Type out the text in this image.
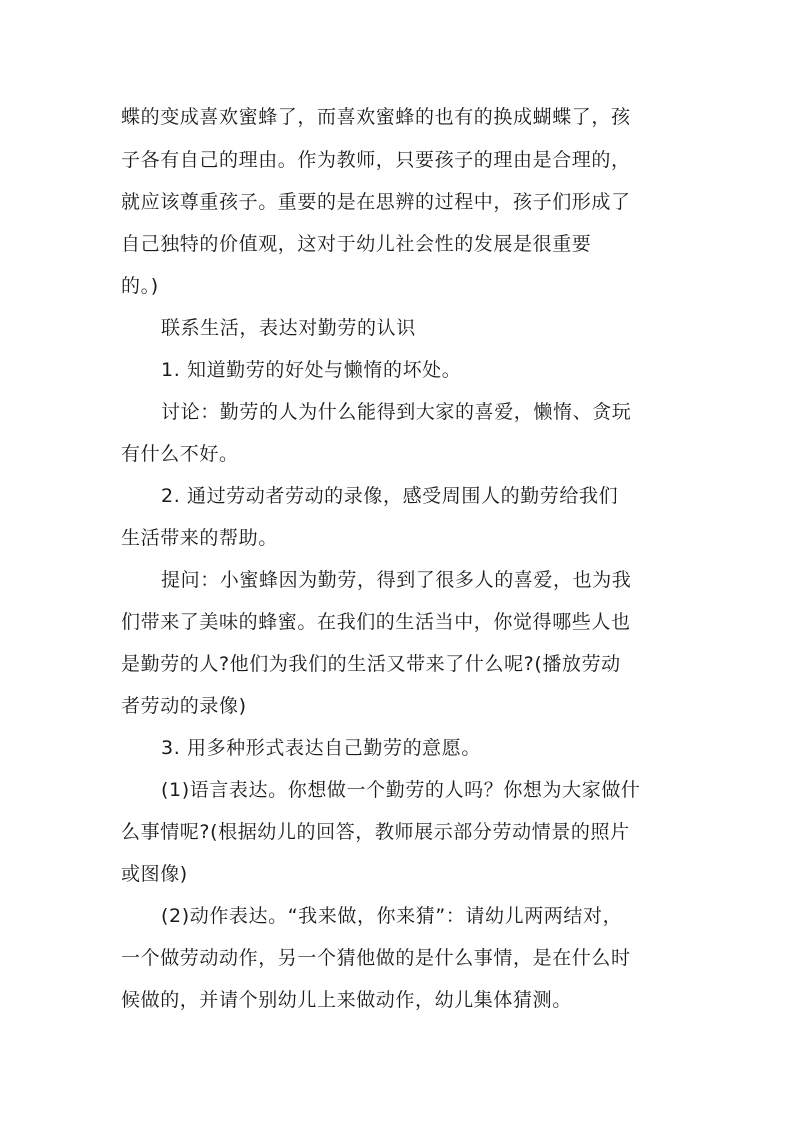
蝶的变成喜欢蜜蜂了，而喜欢蜜蜂的也有的换成蝴蝶了，孩
子各有自己的理由。作为教师，只要孩子的理由是合理的，
就应该尊重孩子。重要的是在思辨的过程中，孩子们形成了
自己独特的价值观，这对于幼儿社会性的发展是很重要
的。)
联系生活，表达对勤劳的认识
1. 知道勤劳的好处与懒惰的坏处。
讨论：勤劳的人为什么能得到大家的喜爱，懒惰、贪玩
有什么不好。
2. 通过劳动者劳动的录像，感受周围人的勤劳给我们
生活带来的帮助。
提问：小蜜蜂因为勤劳，得到了很多人的喜爱，也为我
们带来了美味的蜂蜜。在我们的生活当中，你觉得哪些人也
是勤劳的人?他们为我们的生活又带来了什么呢?(播放劳动
者劳动的录像)
3. 用多种形式表达自己勤劳的意愿。
(1)语言表达。你想做一个勤劳的人吗？你想为大家做什
么事情呢?(根据幼儿的回答，教师展示部分劳动情景的照片
或图像)
(2)动作表达。“我来做，你来猜”：请幼儿两两结对，
一个做劳动动作，另一个猜他做的是什么事情，是在什么时
候做的，并请个别幼儿上来做动作，幼儿集体猜测。
